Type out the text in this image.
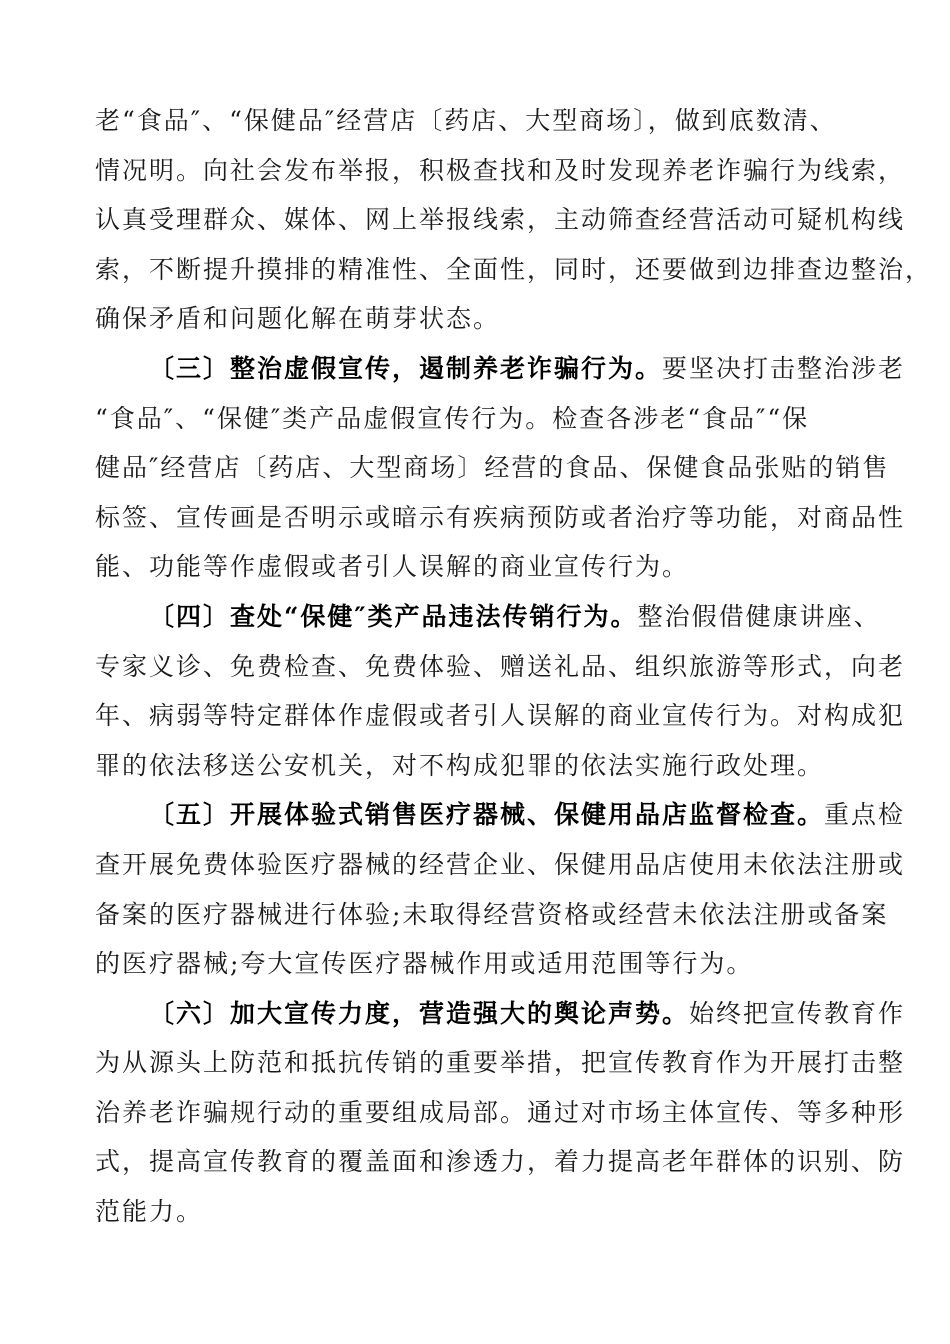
老“食品″、“保健品″经营店〔药店、大型商场〕，做到底数清、
情况明。向社会发布举报，积极查找和及时发现养老诈骗行为线索，
认真受理群众、媒体、网上举报线索，主动筛查经营活动可疑机构线
索，不断提升摸排的精准性、全面性，同时，还要做到边排查边整治，
确保矛盾和问题化解在萌芽状态。
〔三〕整治虚假宣传，遏制养老诈骗行为。要坚决打击整治涉老
“食品″、“保健″类产品虚假宣传行为。检查各涉老“食品″“保
健品″经营店〔药店、大型商场〕经营的食品、保健食品张贴的销售
标签、宣传画是否明示或暗示有疾病预防或者治疗等功能，对商品性
能、功能等作虚假或者引人误解的商业宣传行为。
〔四〕查处“保健″类产品违法传销行为。整治假借健康讲座、
专家义诊、免费检查、免费体验、赠送礼品、组织旅游等形式，向老
年、病弱等特定群体作虚假或者引人误解的商业宣传行为。对构成犯
罪的依法移送公安机关，对不构成犯罪的依法实施行政处理。
〔五〕开展体验式销售医疗器械、保健用品店监督检查。重点检
查开展免费体验医疗器械的经营企业、保健用品店使用未依法注册或
备案的医疗器械进行体验;未取得经营资格或经营未依法注册或备案
的医疗器械;夸大宣传医疗器械作用或适用范围等行为。
〔六〕加大宣传力度，营造强大的舆论声势。始终把宣传教育作
为从源头上防范和抵抗传销的重要举措，把宣传教育作为开展打击整
治养老诈骗规行动的重要组成局部。通过对市场主体宣传、等多种形
式，提高宣传教育的覆盖面和渗透力，着力提高老年群体的识别、防
范能力。
